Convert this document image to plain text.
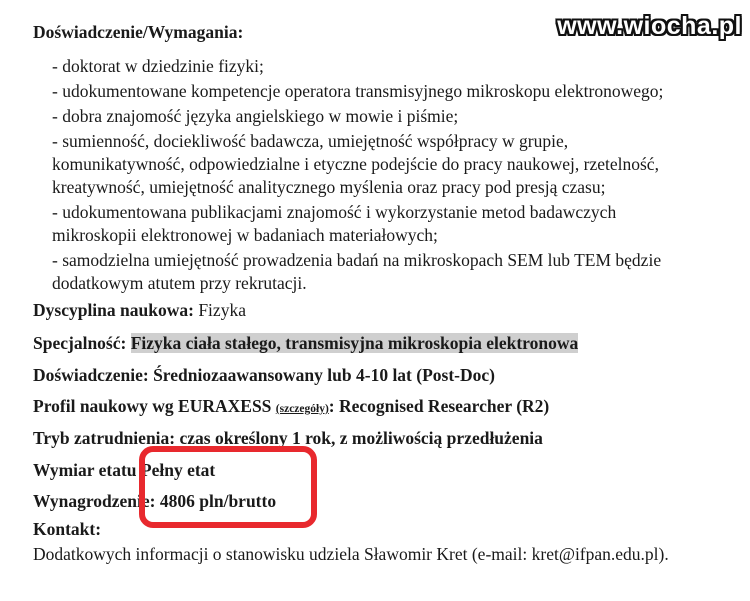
www.wiocha.pl
Doświadczenie/Wymagania:
- doktorat w dziedzinie fizyki;
- udokumentowane kompetencje operatora transmisyjnego mikroskopu elektronowego;
- dobra znajomość języka angielskiego w mowie i piśmie;
- sumienność, dociekliwość badawcza, umiejętność współpracy w grupie,
komunikatywność, odpowiedzialne i etyczne podejście do pracy naukowej, rzetelność,
kreatywność, umiejętność analitycznego myślenia oraz pracy pod presją czasu;
- udokumentowana publikacjami znajomość i wykorzystanie metod badawczych
mikroskopii elektronowej w badaniach materiałowych;
- samodzielna umiejętność prowadzenia badań na mikroskopach SEM lub TEM będzie
dodatkowym atutem przy rekrutacji.
Dyscyplina naukowa: Fizyka
Specjalność: Fizyka ciała stałego, transmisyjna mikroskopia elektronowa
Doświadczenie: Średniozaawansowany lub 4-10 lat (Post-Doc)
Profil naukowy wg EURAXESS (szczegóły): Recognised Researcher (R2)
Tryb zatrudnienia: czas określony 1 rok, z możliwością przedłużenia
Wymiar etatu Pełny etat
Wynagrodzenie: 4806 pln/brutto
Kontakt:
Dodatkowych informacji o stanowisku udziela Sławomir Kret (e-mail: kret@ifpan.edu.pl).
